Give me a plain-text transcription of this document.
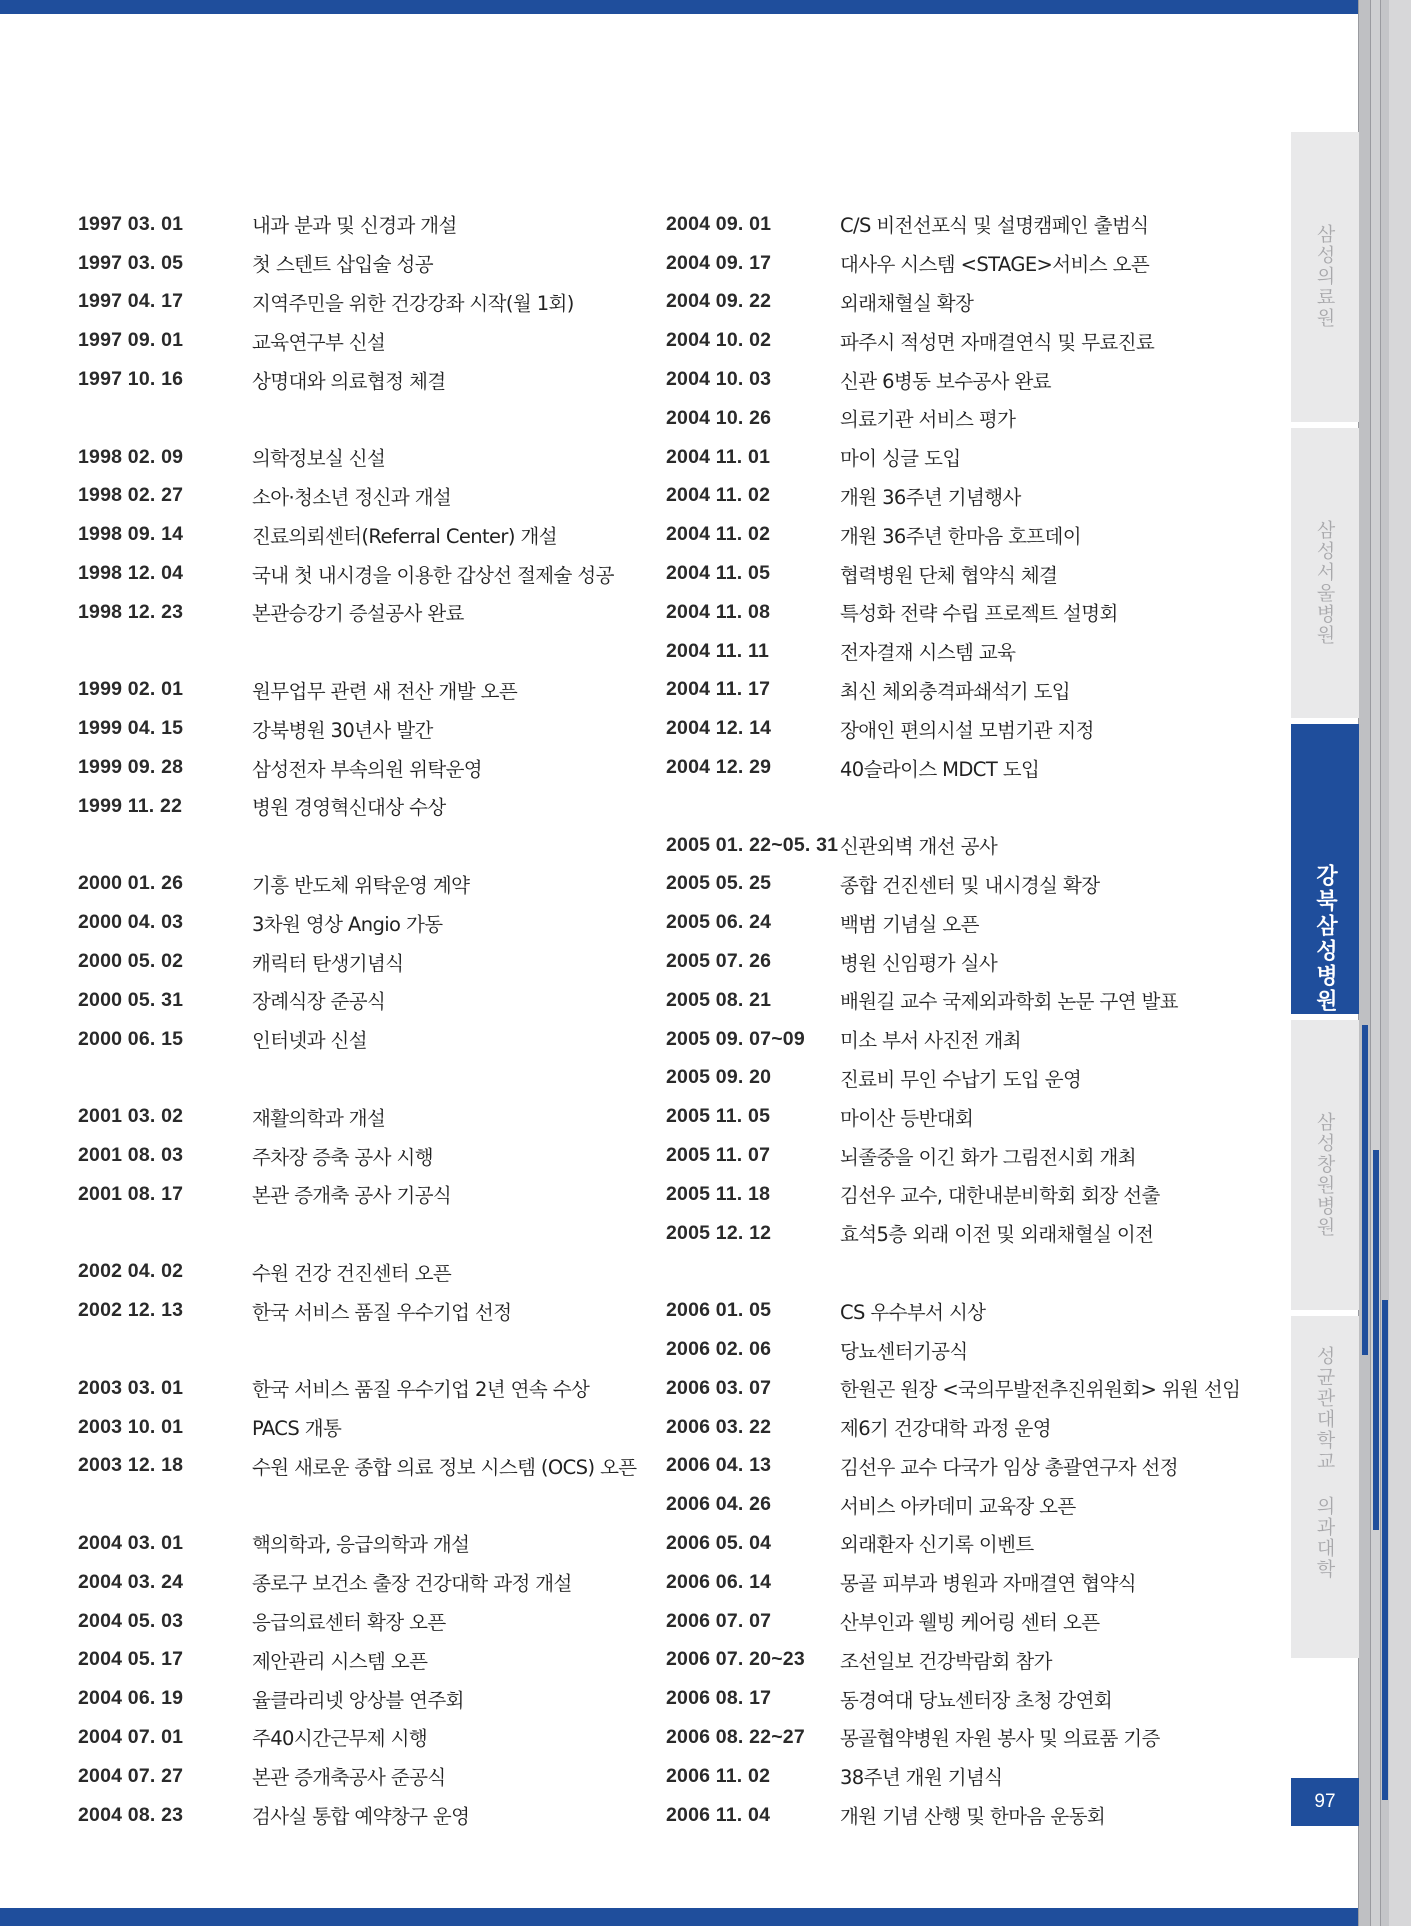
1997 03. 01	내과 분과 및 신경과 개설
1997 03. 05	첫 스텐트 삽입술 성공
1997 04. 17	지역주민을 위한 건강강좌 시작(월 1회)
1997 09. 01	교육연구부 신설
1997 10. 16	상명대와 의료협정 체결
1998 02. 09	의학정보실 신설
1998 02. 27	소아·청소년 정신과 개설
1998 09. 14	진료의뢰센터(Referral Center) 개설
1998 12. 04	국내 첫 내시경을 이용한 갑상선 절제술 성공
1998 12. 23	본관승강기 증설공사 완료
1999 02. 01	원무업무 관련 새 전산 개발 오픈
1999 04. 15	강북병원 30년사 발간
1999 09. 28	삼성전자 부속의원 위탁운영
1999 11. 22	병원 경영혁신대상 수상
2000 01. 26	기흥 반도체 위탁운영 계약
2000 04. 03	3차원 영상 Angio 가동
2000 05. 02	캐릭터 탄생기념식
2000 05. 31	장례식장 준공식
2000 06. 15	인터넷과 신설
2001 03. 02	재활의학과 개설
2001 08. 03	주차장 증축 공사 시행
2001 08. 17	본관 증개축 공사 기공식
2002 04. 02	수원 건강 건진센터 오픈
2002 12. 13	한국 서비스 품질 우수기업 선정
2003 03. 01	한국 서비스 품질 우수기업 2년 연속 수상
2003 10. 01	PACS 개통
2003 12. 18	수원 새로운 종합 의료 정보 시스템 (OCS) 오픈
2004 03. 01	핵의학과, 응급의학과 개설
2004 03. 24	종로구 보건소 출장 건강대학 과정 개설
2004 05. 03	응급의료센터 확장 오픈
2004 05. 17	제안관리 시스템 오픈
2004 06. 19	율클라리넷 앙상블 연주회
2004 07. 01	주40시간근무제 시행
2004 07. 27	본관 증개축공사 준공식
2004 08. 23	검사실 통합 예약창구 운영
2004 09. 01	C/S 비전선포식 및 설명캠페인 출범식
2004 09. 17	대사우 시스템 <STAGE>서비스 오픈
2004 09. 22	외래채혈실 확장
2004 10. 02	파주시 적성면 자매결연식 및 무료진료
2004 10. 03	신관 6병동 보수공사 완료
2004 10. 26	의료기관 서비스 평가
2004 11. 01	마이 싱글 도입
2004 11. 02	개원 36주년 기념행사
2004 11. 02	개원 36주년 한마음 호프데이
2004 11. 05	협력병원 단체 협약식 체결
2004 11. 08	특성화 전략 수립 프로젝트 설명회
2004 11. 11	전자결재 시스템 교육
2004 11. 17	최신 체외충격파쇄석기 도입
2004 12. 14	장애인 편의시설 모범기관 지정
2004 12. 29	40슬라이스 MDCT 도입
2005 01. 22~05. 31 신관외벽 개선 공사
2005 05. 25	종합 건진센터 및 내시경실 확장
2005 06. 24	백범 기념실 오픈
2005 07. 26	병원 신임평가 실사
2005 08. 21	배원길 교수 국제외과학회 논문 구연 발표
2005 09. 07~09	미소 부서 사진전 개최
2005 09. 20	진료비 무인 수납기 도입 운영
2005 11. 05	마이산 등반대회
2005 11. 07	뇌졸중을 이긴 화가 그림전시회 개최
2005 11. 18	김선우 교수, 대한내분비학회 회장 선출
2005 12. 12	효석5층 외래 이전 및 외래채혈실 이전
2006 01. 05	CS 우수부서 시상
2006 02. 06	당뇨센터기공식
2006 03. 07	한원곤 원장 <국의무발전추진위원회> 위원 선임
2006 03. 22	제6기 건강대학 과정 운영
2006 04. 13	김선우 교수 다국가 임상 총괄연구자 선정
2006 04. 26	서비스 아카데미 교육장 오픈
2006 05. 04	외래환자 신기록 이벤트
2006 06. 14	몽골 피부과 병원과 자매결연 협약식
2006 07. 07	산부인과 웰빙 케어링 센터 오픈
2006 07. 20~23	조선일보 건강박람회 참가
2006 08. 17	동경여대 당뇨센터장 초청 강연회
2006 08. 22~27	몽골협약병원 자원 봉사 및 의료품 기증
2006 11. 02	38주년 개원 기념식
2006 11. 04	개원 기념 산행 및 한마음 운동회
삼성의료원
삼성서울병원
강북삼성병원
삼성창원병원
성균관대학교 의과대학
97
